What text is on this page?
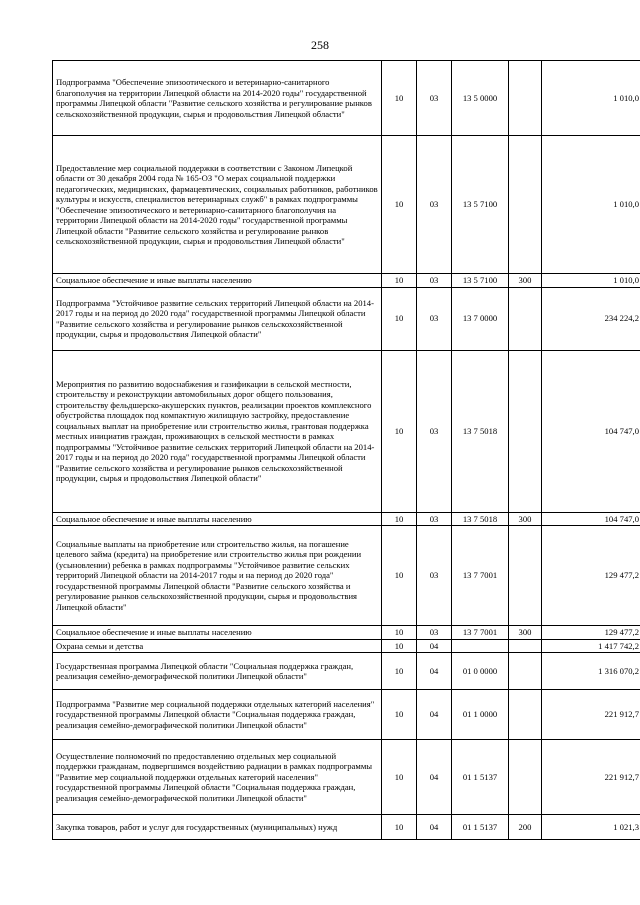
258
Подпрограмма "Обеспечение эпизоотического и ветеринарно-санитарного благополучия на территории Липецкой области на 2014-2020 годы" государственной программы Липецкой области "Развитие сельского хозяйства и регулирование рынков сельскохозяйственной продукции, сырья и продовольствия Липецкой области"	10	03	13 5 0000		1 010,0
Предоставление мер социальной поддержки в соответствии с Законом Липецкой области от 30 декабря 2004 года № 165-ОЗ "О мерах социальной поддержки педагогических, медицинских, фармацевтических, социальных работников, работников культуры и искусств, специалистов ветеринарных служб" в рамках подпрограммы "Обеспечение эпизоотического и ветеринарно-санитарного благополучия на территории Липецкой области на 2014-2020 годы" государственной программы Липецкой области "Развитие сельского хозяйства и регулирование рынков сельскохозяйственной продукции, сырья и продовольствия Липецкой области"	10	03	13 5 7100		1 010,0
Социальное обеспечение и иные выплаты населению	10	03	13 5 7100	300	1 010,0
Подпрограмма "Устойчивое развитие сельских территорий Липецкой области на 2014-2017 годы и на период до 2020 года" государственной программы Липецкой области "Развитие сельского хозяйства и регулирование рынков сельскохозяйственной продукции, сырья и продовольствия Липецкой области"	10	03	13 7 0000		234 224,2
Мероприятия по развитию водоснабжения и газификации в сельской местности, строительству и реконструкции автомобильных дорог общего пользования, строительству фельдшерско-акушерских пунктов, реализации проектов комплексного обустройства площадок под компактную жилищную застройку, предоставление социальных выплат на приобретение или строительство жилья, грантовая поддержка местных инициатив граждан, проживающих в сельской местности в рамках подпрограммы "Устойчивое развитие сельских территорий Липецкой области на 2014-2017 годы и на период до 2020 года" государственной программы Липецкой области "Развитие сельского хозяйства и регулирование рынков сельскохозяйственной продукции, сырья и продовольствия Липецкой области"	10	03	13 7 5018		104 747,0
Социальное обеспечение и иные выплаты населению	10	03	13 7 5018	300	104 747,0
Социальные выплаты на приобретение или строительство жилья, на погашение целевого займа (кредита) на приобретение или строительство жилья при рождении (усыновлении) ребенка в рамках подпрограммы "Устойчивое развитие сельских территорий Липецкой области на 2014-2017 годы и на период до 2020 года" государственной программы Липецкой области "Развитие сельского хозяйства и регулирование рынков сельскохозяйственной продукции, сырья и продовольствия Липецкой области"	10	03	13 7 7001		129 477,2
Социальное обеспечение и иные выплаты населению	10	03	13 7 7001	300	129 477,2
Охрана семьи и детства	10	04			1 417 742,2
Государственная программа Липецкой области "Социальная поддержка граждан, реализация семейно-демографической политики Липецкой области"	10	04	01 0 0000		1 316 070,2
Подпрограмма "Развитие мер социальной поддержки отдельных категорий населения" государственной программы Липецкой области "Социальная поддержка граждан, реализация семейно-демографической политики Липецкой области"	10	04	01 1 0000		221 912,7
Осуществление полномочий по предоставлению отдельных мер социальной поддержки гражданам, подвергшимся воздействию радиации в рамках подпрограммы "Развитие мер социальной поддержки отдельных категорий населения" государственной программы Липецкой области "Социальная поддержка граждан, реализация семейно-демографической политики Липецкой области"	10	04	01 1 5137		221 912,7
Закупка товаров, работ и услуг для государственных (муниципальных) нужд	10	04	01 1 5137	200	1 021,3
